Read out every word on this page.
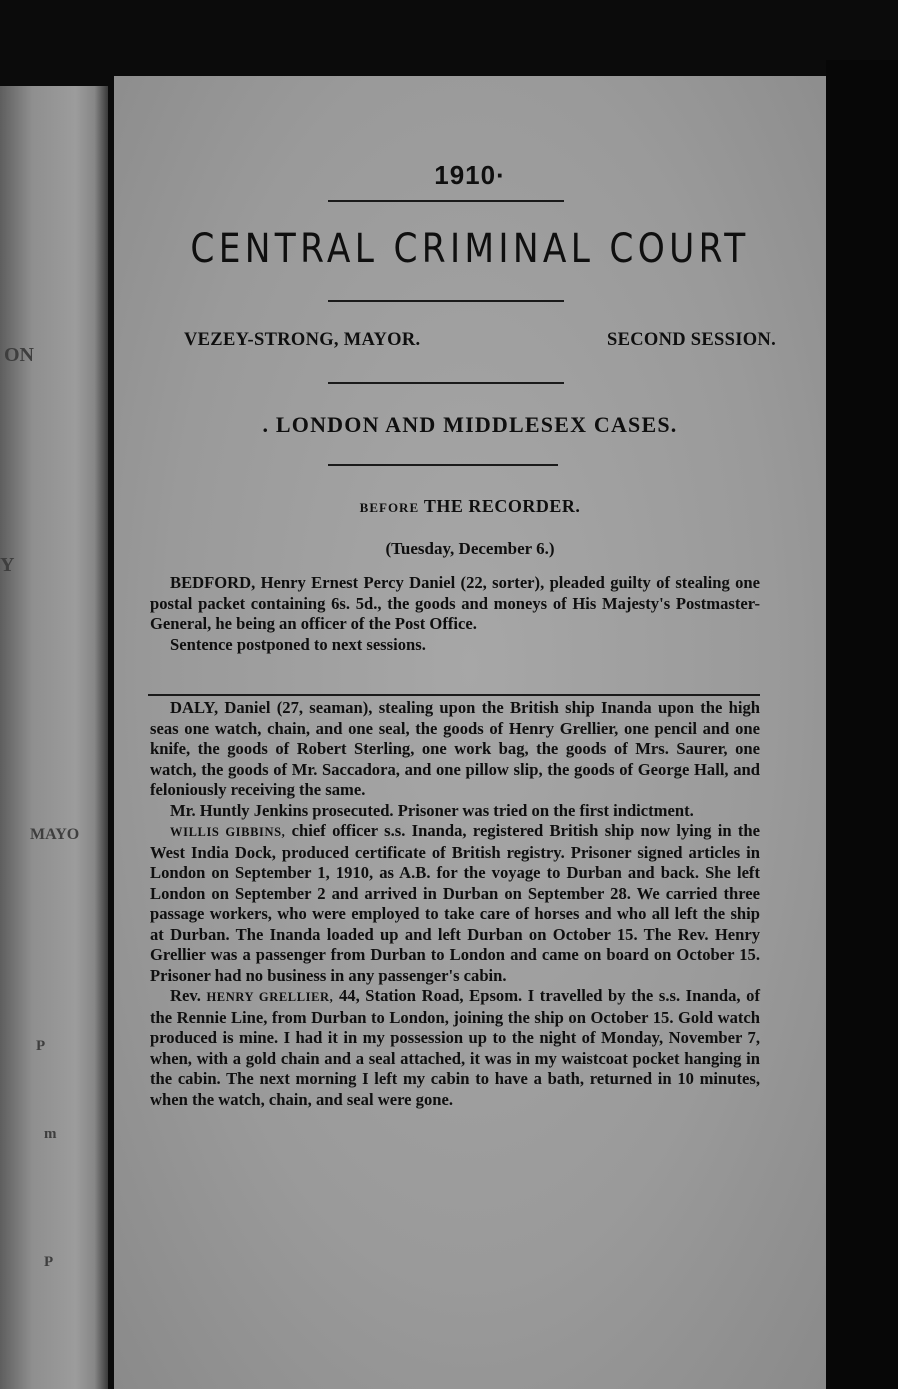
ON
Y
MAYO
P
m
P
1910·
CENTRAL CRIMINAL COURT
VEZEY-STRONG, MAYOR.	SECOND SESSION.
. LONDON AND MIDDLESEX CASES.
BEFORE THE RECORDER.
(Tuesday, December 6.)

BEDFORD, Henry Ernest Percy Daniel (22, sorter), pleaded guilty of stealing one postal packet containing 6s. 5d., the goods and moneys of His Majesty's Postmaster-General, he being an officer of the Post Office.

Sentence postponed to next sessions.

DALY, Daniel (27, seaman), stealing upon the British ship Inanda upon the high seas one watch, chain, and one seal, the goods of Henry Grellier, one pencil and one knife, the goods of Robert Sterling, one work bag, the goods of Mrs. Saurer, one watch, the goods of Mr. Saccadora, and one pillow slip, the goods of George Hall, and feloniously receiving the same.

Mr. Huntly Jenkins prosecuted. Prisoner was tried on the first indictment.

WILLIS GIBBINS, chief officer s.s. Inanda, registered British ship now lying in the West India Dock, produced certificate of British registry. Prisoner signed articles in London on September 1, 1910, as A.B. for the voyage to Durban and back. She left London on September 2 and arrived in Durban on September 28. We carried three passage workers, who were employed to take care of horses and who all left the ship at Durban. The Inanda loaded up and left Durban on October 15. The Rev. Henry Grellier was a passenger from Durban to London and came on board on October 15. Prisoner had no business in any passenger's cabin.

Rev. HENRY GRELLIER, 44, Station Road, Epsom. I travelled by the s.s. Inanda, of the Rennie Line, from Durban to London, joining the ship on October 15. Gold watch produced is mine. I had it in my possession up to the night of Monday, November 7, when, with a gold chain and a seal attached, it was in my waistcoat pocket hanging in the cabin. The next morning I left my cabin to have a bath, returned in 10 minutes, when the watch, chain, and seal were gone.
